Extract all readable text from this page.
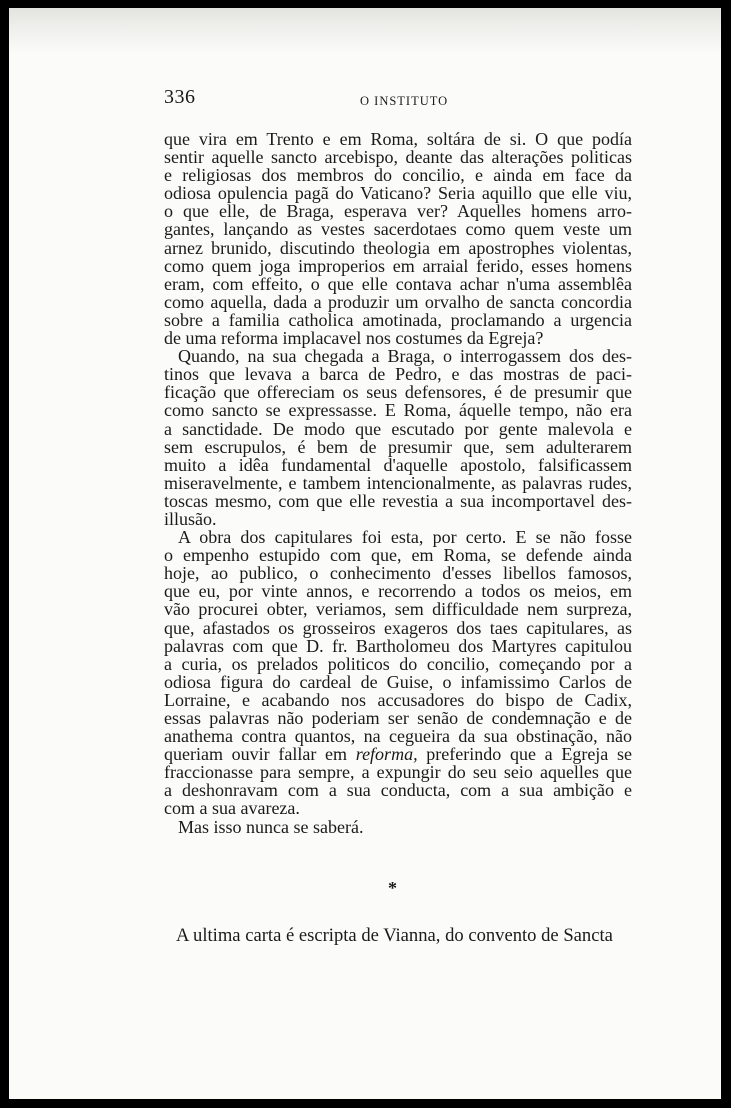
336	O INSTITUTO
que vira em Trento e em Roma, soltára de si. O que podía
sentir aquelle sancto arcebispo, deante das alterações politicas
e religiosas dos membros do concilio, e ainda em face da
odiosa opulencia pagã do Vaticano? Seria aquillo que elle viu,
o que elle, de Braga, esperava ver? Aquelles homens arro-
gantes, lançando as vestes sacerdotaes como quem veste um
arnez brunido, discutindo theologia em apostrophes violentas,
como quem joga improperios em arraial ferido, esses homens
eram, com effeito, o que elle contava achar n'uma assemblêa
como aquella, dada a produzir um orvalho de sancta concordia
sobre a familia catholica amotinada, proclamando a urgencia
de uma reforma implacavel nos costumes da Egreja?
Quando, na sua chegada a Braga, o interrogassem dos des-
tinos que levava a barca de Pedro, e das mostras de paci-
ficação que offereciam os seus defensores, é de presumir que
como sancto se expressasse. E Roma, áquelle tempo, não era
a sanctidade. De modo que escutado por gente malevola e
sem escrupulos, é bem de presumir que, sem adulterarem
muito a idêa fundamental d'aquelle apostolo, falsificassem
miseravelmente, e tambem intencionalmente, as palavras rudes,
toscas mesmo, com que elle revestia a sua incomportavel des-
illusão.
A obra dos capitulares foi esta, por certo. E se não fosse
o empenho estupido com que, em Roma, se defende ainda
hoje, ao publico, o conhecimento d'esses libellos famosos,
que eu, por vinte annos, e recorrendo a todos os meios, em
vão procurei obter, veriamos, sem difficuldade nem surpreza,
que, afastados os grosseiros exageros dos taes capitulares, as
palavras com que D. fr. Bartholomeu dos Martyres capitulou
a curia, os prelados politicos do concilio, começando por a
odiosa figura do cardeal de Guise, o infamissimo Carlos de
Lorraine, e acabando nos accusadores do bispo de Cadix,
essas palavras não poderiam ser senão de condemnação e de
anathema contra quantos, na cegueira da sua obstinação, não
queriam ouvir fallar em reforma, preferindo que a Egreja se
fraccionasse para sempre, a expungir do seu seio aquelles que
a deshonravam com a sua conducta, com a sua ambição e
com a sua avareza.
Mas isso nunca se saberá.
*
A ultima carta é escripta de Vianna, do convento de Sancta
